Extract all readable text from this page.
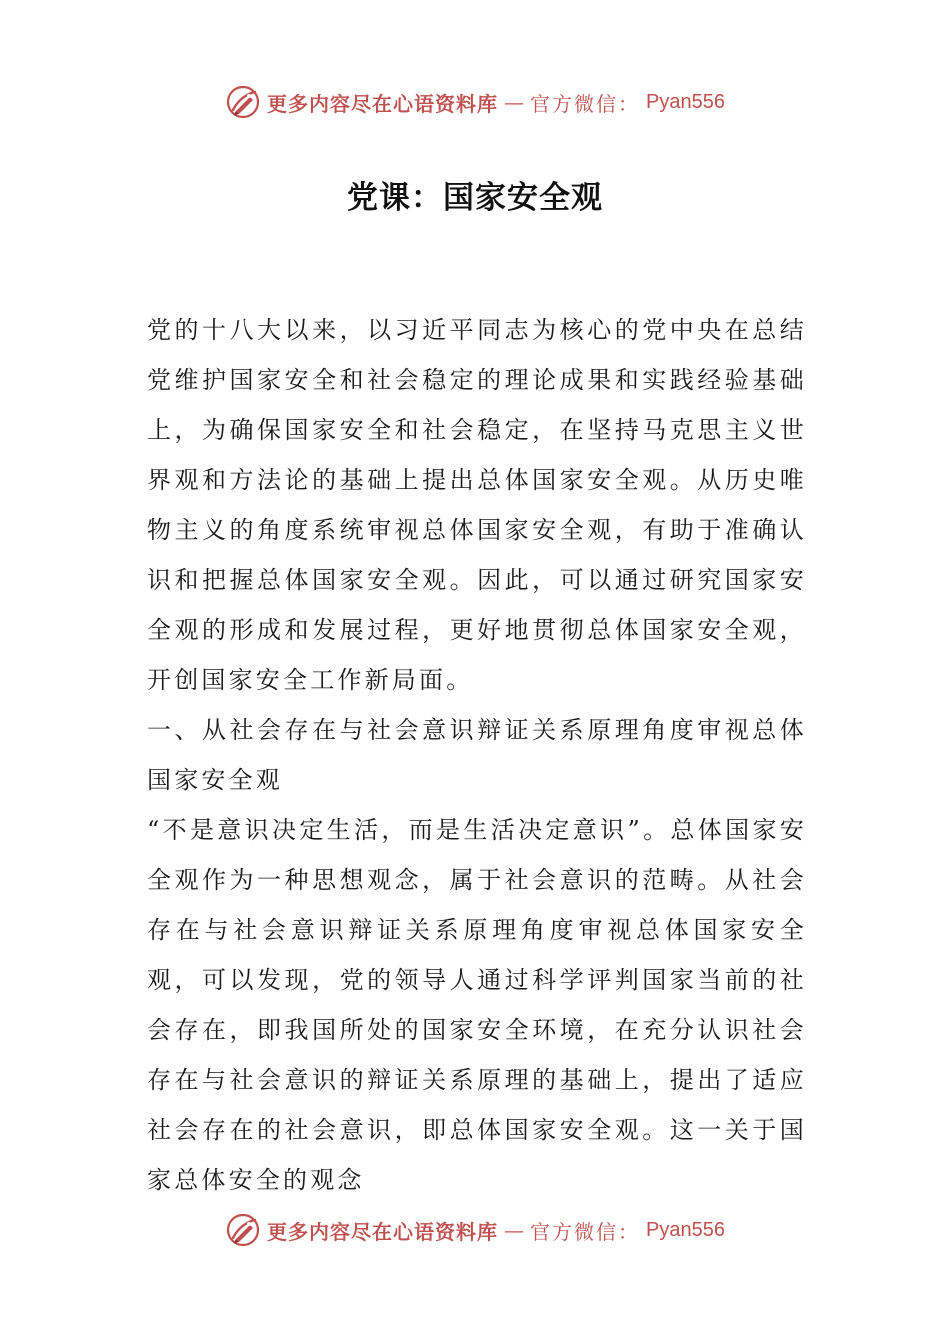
更多内容尽在心语资料库 — 官方微信： Pyan556
党课：国家安全观

党的十八大以来，以习近平同志为核心的党中央在总结党维护国家安全和社会稳定的理论成果和实践经验基础上，为确保国家安全和社会稳定，在坚持马克思主义世界观和方法论的基础上提出总体国家安全观。从历史唯物主义的角度系统审视总体国家安全观，有助于准确认识和把握总体国家安全观。因此，可以通过研究国家安全观的形成和发展过程，更好地贯彻总体国家安全观，开创国家安全工作新局面。

一、从社会存在与社会意识辩证关系原理角度审视总体国家安全观

“不是意识决定生活，而是生活决定意识”。总体国家安全观作为一种思想观念，属于社会意识的范畴。从社会存在与社会意识辩证关系原理角度审视总体国家安全观，可以发现，党的领导人通过科学评判国家当前的社会存在，即我国所处的国家安全环境，在充分认识社会存在与社会意识的辩证关系原理的基础上，提出了适应社会存在的社会意识，即总体国家安全观。这一关于国家总体安全的观念

更多内容尽在心语资料库 — 官方微信： Pyan556
